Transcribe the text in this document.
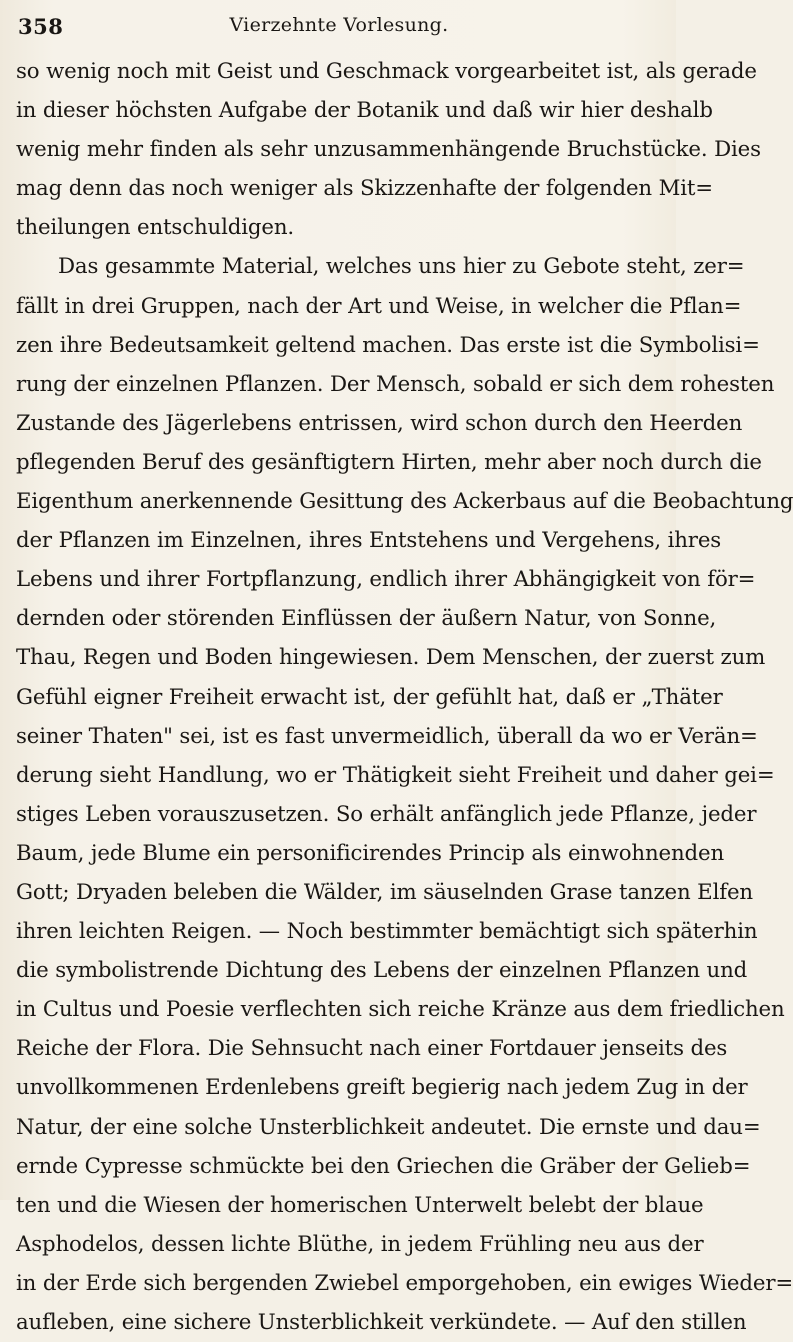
358	Vierzehnte Vorlesung.
so wenig noch mit Geist und Geschmack vorgearbeitet ist, als gerade
in dieser höchsten Aufgabe der Botanik und daß wir hier deshalb
wenig mehr finden als sehr unzusammenhängende Bruchstücke. Dies
mag denn das noch weniger als Skizzenhafte der folgenden Mit=
theilungen entschuldigen.
Das gesammte Material, welches uns hier zu Gebote steht, zer=
fällt in drei Gruppen, nach der Art und Weise, in welcher die Pflan=
zen ihre Bedeutsamkeit geltend machen. Das erste ist die Symbolisi=
rung der einzelnen Pflanzen. Der Mensch, sobald er sich dem rohesten
Zustande des Jägerlebens entrissen, wird schon durch den Heerden
pflegenden Beruf des gesänftigtern Hirten, mehr aber noch durch die
Eigenthum anerkennende Gesittung des Ackerbaus auf die Beobachtung
der Pflanzen im Einzelnen, ihres Entstehens und Vergehens, ihres
Lebens und ihrer Fortpflanzung, endlich ihrer Abhängigkeit von för=
dernden oder störenden Einflüssen der äußern Natur, von Sonne,
Thau, Regen und Boden hingewiesen. Dem Menschen, der zuerst zum
Gefühl eigner Freiheit erwacht ist, der gefühlt hat, daß er „Thäter
seiner Thaten" sei, ist es fast unvermeidlich, überall da wo er Verän=
derung sieht Handlung, wo er Thätigkeit sieht Freiheit und daher gei=
stiges Leben vorauszusetzen. So erhält anfänglich jede Pflanze, jeder
Baum, jede Blume ein personificirendes Princip als einwohnenden
Gott; Dryaden beleben die Wälder, im säuselnden Grase tanzen Elfen
ihren leichten Reigen. — Noch bestimmter bemächtigt sich späterhin
die symbolistrende Dichtung des Lebens der einzelnen Pflanzen und
in Cultus und Poesie verflechten sich reiche Kränze aus dem friedlichen
Reiche der Flora. Die Sehnsucht nach einer Fortdauer jenseits des
unvollkommenen Erdenlebens greift begierig nach jedem Zug in der
Natur, der eine solche Unsterblichkeit andeutet. Die ernste und dau=
ernde Cypresse schmückte bei den Griechen die Gräber der Gelieb=
ten und die Wiesen der homerischen Unterwelt belebt der blaue
Asphodelos, dessen lichte Blüthe, in jedem Frühling neu aus der
in der Erde sich bergenden Zwiebel emporgehoben, ein ewiges Wieder=
aufleben, eine sichere Unsterblichkeit verkündete. — Auf den stillen
